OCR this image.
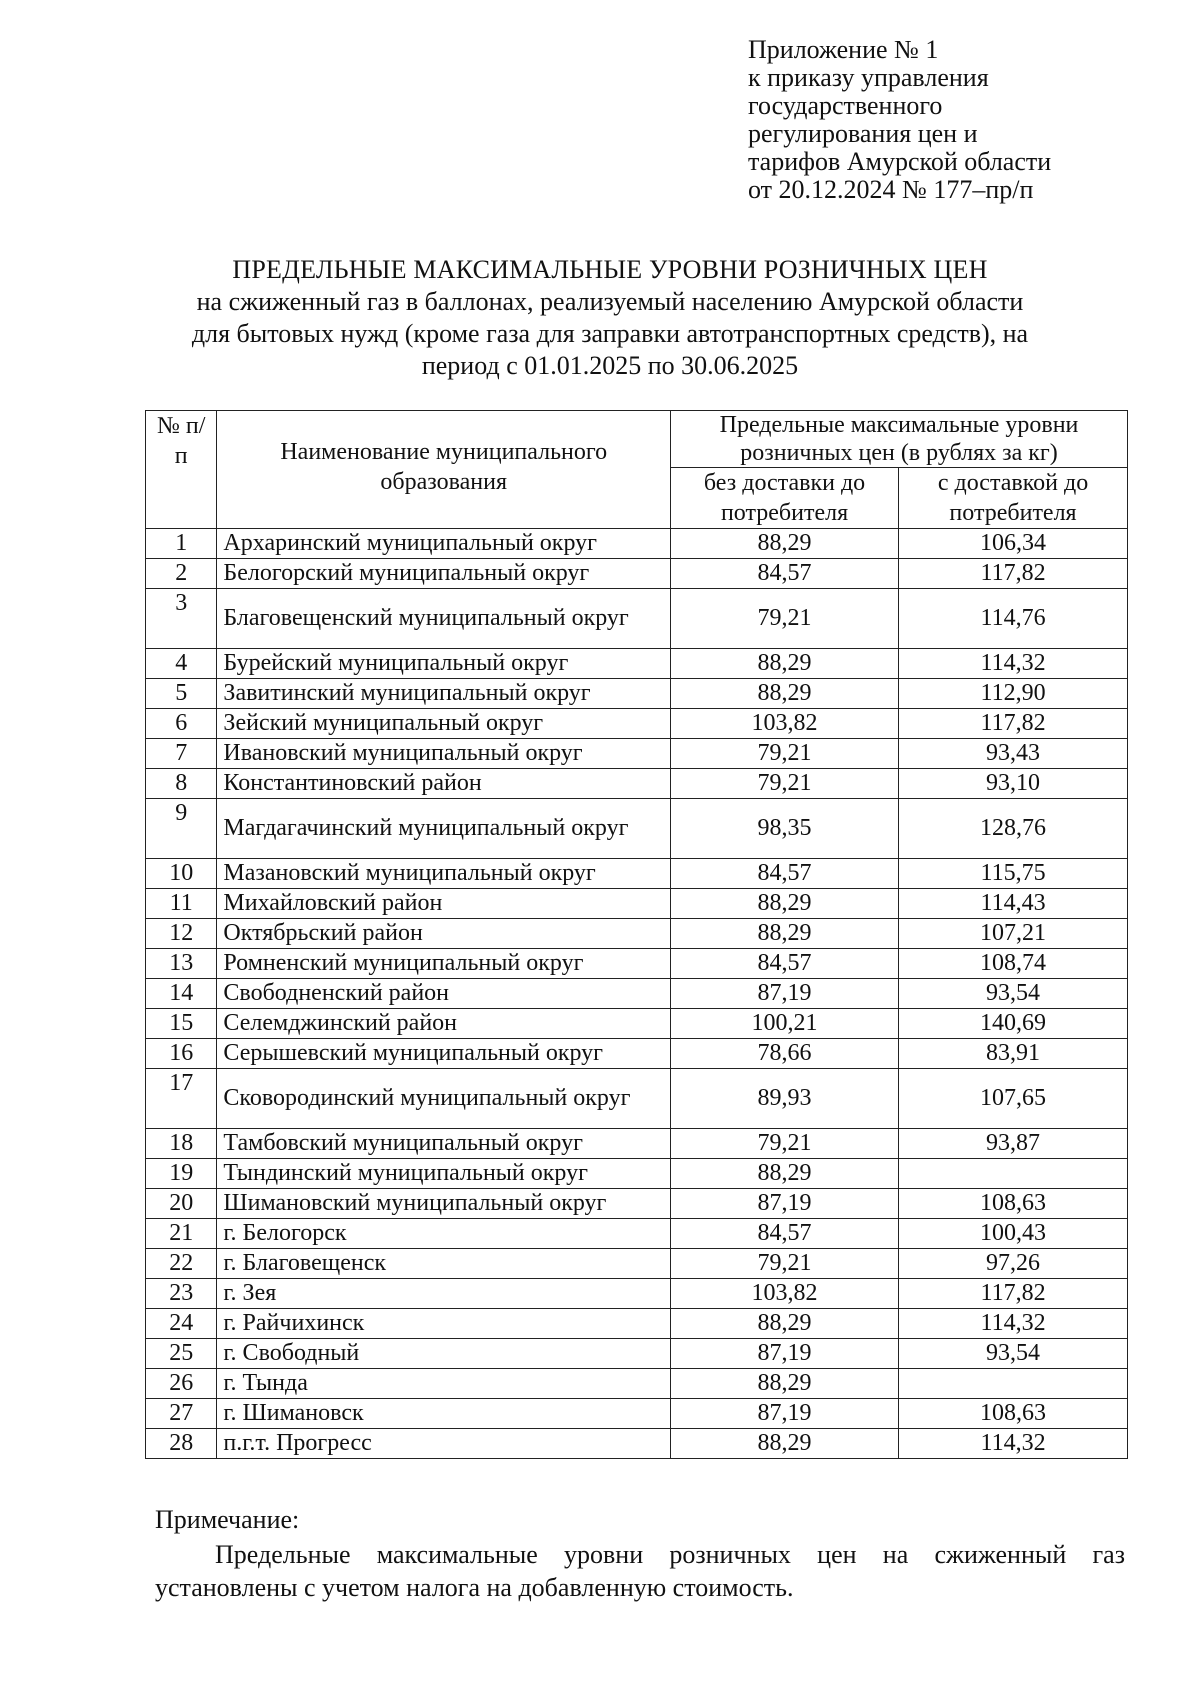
Приложение № 1
к приказу управления
государственного
регулирования цен и
тарифов Амурской области
от 20.12.2024 № 177–пр/п
ПРЕДЕЛЬНЫЕ МАКСИМАЛЬНЫЕ УРОВНИ РОЗНИЧНЫХ ЦЕН
на сжиженный газ в баллонах, реализуемый населению Амурской области
для бытовых нужд (кроме газа для заправки автотранспортных средств), на
период с 01.01.2025 по 30.06.2025
№ п/п	Наименование муниципального образования	Предельные максимальные уровни розничных цен (в рублях за кг)	
		без доставки до потребителя	с доставкой до потребителя
1	Архаринский муниципальный округ	88,29	106,34
2	Белогорский муниципальный округ	84,57	117,82
3	Благовещенский муниципальный округ	79,21	114,76
4	Бурейский муниципальный округ	88,29	114,32
5	Завитинский муниципальный округ	88,29	112,90
6	Зейский муниципальный округ	103,82	117,82
7	Ивановский муниципальный округ	79,21	93,43
8	Константиновский район	79,21	93,10
9	Магдагачинский муниципальный округ	98,35	128,76
10	Мазановский муниципальный округ	84,57	115,75
11	Михайловский район	88,29	114,43
12	Октябрьский район	88,29	107,21
13	Ромненский муниципальный округ	84,57	108,74
14	Свободненский район	87,19	93,54
15	Селемджинский район	100,21	140,69
16	Серышевский муниципальный округ	78,66	83,91
17	Сковородинский муниципальный округ	89,93	107,65
18	Тамбовский муниципальный округ	79,21	93,87
19	Тындинский муниципальный округ	88,29	
20	Шимановский муниципальный округ	87,19	108,63
21	г. Белогорск	84,57	100,43
22	г. Благовещенск	79,21	97,26
23	г. Зея	103,82	117,82
24	г. Райчихинск	88,29	114,32
25	г. Свободный	87,19	93,54
26	г. Тында	88,29	
27	г. Шимановск	87,19	108,63
28	п.г.т. Прогресс	88,29	114,32
Примечание:
Предельные максимальные уровни розничных цен на сжиженный газ установлены с учетом налога на добавленную стоимость.
